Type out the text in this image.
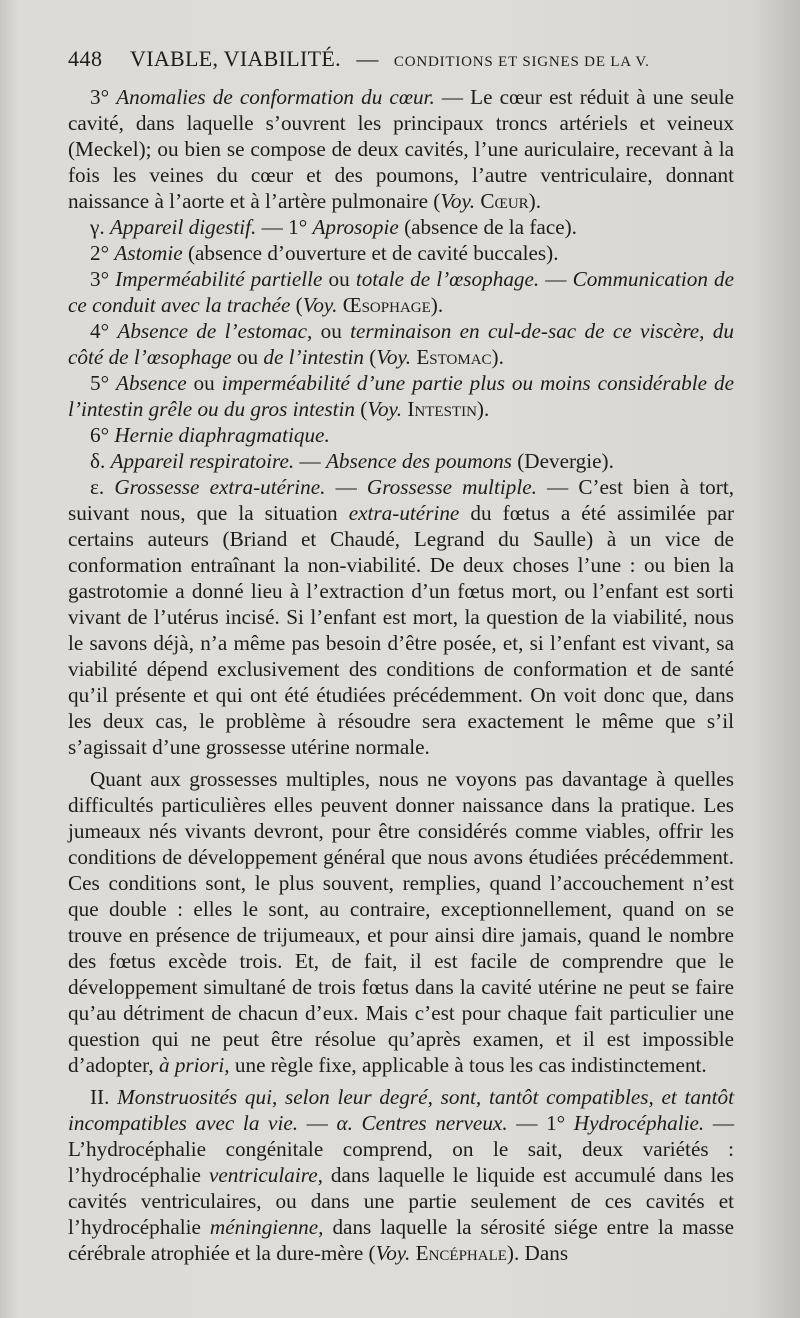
448 VIABLE, VIABILITÉ. — CONDITIONS ET SIGNES DE LA V.

3° Anomalies de conformation du cœur. — Le cœur est réduit à une seule cavité, dans laquelle s’ouvrent les principaux troncs artériels et veineux (Meckel); ou bien se compose de deux cavités, l’une auriculaire, recevant à la fois les veines du cœur et des poumons, l’autre ventriculaire, donnant naissance à l’aorte et à l’artère pulmonaire (Voy. Cœur).

γ. Appareil digestif. — 1° Aprosopie (absence de la face).

2° Astomie (absence d’ouverture et de cavité buccales).

3° Imperméabilité partielle ou totale de l’œsophage. — Communication de ce conduit avec la trachée (Voy. Œsophage).

4° Absence de l’estomac, ou terminaison en cul-de-sac de ce viscère, du côté de l’œsophage ou de l’intestin (Voy. Estomac).

5° Absence ou imperméabilité d’une partie plus ou moins considérable de l’intestin grêle ou du gros intestin (Voy. Intestin).

6° Hernie diaphragmatique.

δ. Appareil respiratoire. — Absence des poumons (Devergie).

ε. Grossesse extra-utérine. — Grossesse multiple. — C’est bien à tort, suivant nous, que la situation extra-utérine du fœtus a été assimilée par certains auteurs (Briand et Chaudé, Legrand du Saulle) à un vice de conformation entraînant la non-viabilité. De deux choses l’une : ou bien la gastrotomie a donné lieu à l’extraction d’un fœtus mort, ou l’enfant est sorti vivant de l’utérus incisé. Si l’enfant est mort, la question de la viabilité, nous le savons déjà, n’a même pas besoin d’être posée, et, si l’enfant est vivant, sa viabilité dépend exclusivement des conditions de conformation et de santé qu’il présente et qui ont été étudiées précédemment. On voit donc que, dans les deux cas, le problème à résoudre sera exactement le même que s’il s’agissait d’une grossesse utérine normale.

Quant aux grossesses multiples, nous ne voyons pas davantage à quelles difficultés particulières elles peuvent donner naissance dans la pratique. Les jumeaux nés vivants devront, pour être considérés comme viables, offrir les conditions de développement général que nous avons étudiées précédemment. Ces conditions sont, le plus souvent, remplies, quand l’accouchement n’est que double : elles le sont, au contraire, exceptionnellement, quand on se trouve en présence de trijumeaux, et pour ainsi dire jamais, quand le nombre des fœtus excède trois. Et, de fait, il est facile de comprendre que le développement simultané de trois fœtus dans la cavité utérine ne peut se faire qu’au détriment de chacun d’eux. Mais c’est pour chaque fait particulier une question qui ne peut être résolue qu’après examen, et il est impossible d’adopter, à priori, une règle fixe, applicable à tous les cas indistinctement.

II. Monstruosités qui, selon leur degré, sont, tantôt compatibles, et tantôt incompatibles avec la vie. — α. Centres nerveux. — 1° Hydrocéphalie. — L’hydrocéphalie congénitale comprend, on le sait, deux variétés : l’hydrocéphalie ventriculaire, dans laquelle le liquide est accumulé dans les cavités ventriculaires, ou dans une partie seulement de ces cavités et l’hydrocéphalie méningienne, dans laquelle la sérosité siége entre la masse cérébrale atrophiée et la dure-mère (Voy. Encéphale). Dans
